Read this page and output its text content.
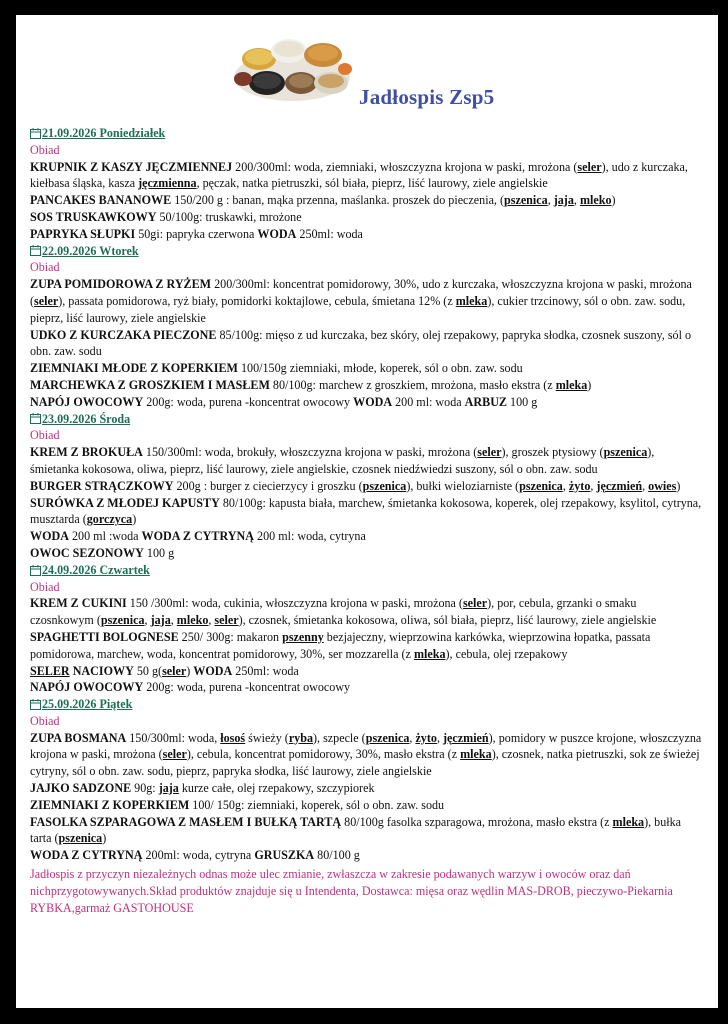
Jadłospis Zsp5
21.09.2026 Poniedziałek
Obiad
KRUPNIK Z KASZY JĘCZMIENNEJ 200/300ml: woda, ziemniaki, włoszczyzna krojona w paski, mrożona (seler), udo z kurczaka, kiełbasa śląska, kasza jęczmienna, pęczak, natka pietruszki, sól biała, pieprz, liść laurowy, ziele angielskie
PANCAKES BANANOWE 150/200 g : banan, mąka przenna, maślanka. proszek do pieczenia, (pszenica, jaja, mleko)
SOS TRUSKAWKOWY 50/100g: truskawki, mrożone
PAPRYKA SŁUPKI 50gi: papryka czerwona WODA 250ml: woda
22.09.2026 Wtorek
Obiad
ZUPA POMIDOROWA Z RYŻEM 200/300ml: koncentrat pomidorowy, 30%, udo z kurczaka, włoszczyzna krojona w paski, mrożona (seler), passata pomidorowa, ryż biały, pomidorki koktajlowe, cebula, śmietana 12% (z mleka), cukier trzcinowy, sól o obn. zaw. sodu, pieprz, liść laurowy, ziele angielskie
UDKO Z KURCZAKA PIECZONE 85/100g: mięso z ud kurczaka, bez skóry, olej rzepakowy, papryka słodka, czosnek suszony, sól o obn. zaw. sodu
ZIEMNIAKI MŁODE Z KOPERKIEM 100/150g ziemniaki, młode, koperek, sól o obn. zaw. sodu
MARCHEWKA Z GROSZKIEM I MASŁEM 80/100g: marchew z groszkiem, mrożona, masło ekstra (z mleka)
NAPÓJ OWOCOWY 200g: woda, purena -koncentrat owocowy WODA 200 ml: woda ARBUZ 100 g
23.09.2026 Środa
Obiad
KREM Z BROKUŁA 150/300ml: woda, brokuły, włoszczyzna krojona w paski, mrożona (seler), groszek ptysiowy (pszenica), śmietanka kokosowa, oliwa, pieprz, liść laurowy, ziele angielskie, czosnek niedźwiedzi suszony, sól o obn. zaw. sodu
BURGER STRĄCZKOWY 200g : burger z ciecierzycy i groszku (pszenica), bułki wieloziarniste (pszenica, żyto, jęczmień, owies)
SURÓWKA Z MŁODEJ KAPUSTY 80/100g: kapusta biała, marchew, śmietanka kokosowa, koperek, olej rzepakowy, ksylitol, cytryna, musztarda (gorczyca)
WODA 200 ml :woda WODA Z CYTRYNĄ 200 ml: woda, cytryna
OWOC SEZONOWY 100 g
24.09.2026 Czwartek
Obiad
KREM Z CUKINI 150 /300ml: woda, cukinia, włoszczyzna krojona w paski, mrożona (seler), por, cebula, grzanki o smaku czosnkowym (pszenica, jaja, mleko, seler), czosnek, śmietanka kokosowa, oliwa, sól biała, pieprz, liść laurowy, ziele angielskie
SPAGHETTI BOLOGNESE 250/ 300g: makaron pszenny bezjajeczny, wieprzowina karkówka, wieprzowina łopatka, passata pomidorowa, marchew, woda, koncentrat pomidorowy, 30%, ser mozzarella (z mleka), cebula, olej rzepakowy
SELER NACIOWY 50 g(seler) WODA 250ml: woda
NAPÓJ OWOCOWY 200g: woda, purena -koncentrat owocowy
25.09.2026 Piątek
Obiad
ZUPA BOSMANA 150/300ml: woda, łosoś świeży (ryba), szpecle (pszenica, żyto, jęczmień), pomidory w puszce krojone, włoszczyzna krojona w paski, mrożona (seler), cebula, koncentrat pomidorowy, 30%, masło ekstra (z mleka), czosnek, natka pietruszki, sok ze świeżej cytryny, sól o obn. zaw. sodu, pieprz, papryka słodka, liść laurowy, ziele angielskie
JAJKO SADZONE 90g: jaja kurze całe, olej rzepakowy, szczypiorek
ZIEMNIAKI Z KOPERKIEM 100/ 150g: ziemniaki, koperek, sól o obn. zaw. sodu
FASOLKA SZPARAGOWA Z MASŁEM I BUŁKĄ TARTĄ 80/100g fasolka szparagowa, mrożona, masło ekstra (z mleka), bułka tarta (pszenica)
WODA Z CYTRYNĄ 200ml: woda, cytryna GRUSZKA 80/100 g
Jadłospis z przyczyn niezależnych odnas może ulec zmianie, zwłaszcza w zakresie podawanych warzyw i owoców oraz dań nichprzygotowywanych.Skład produktów znajduje się u Intendenta, Dostawca: mięsa oraz wędlin MAS-DROB, pieczywo-Piekarnia RYBKA,garmaż GASTOHOUSE
